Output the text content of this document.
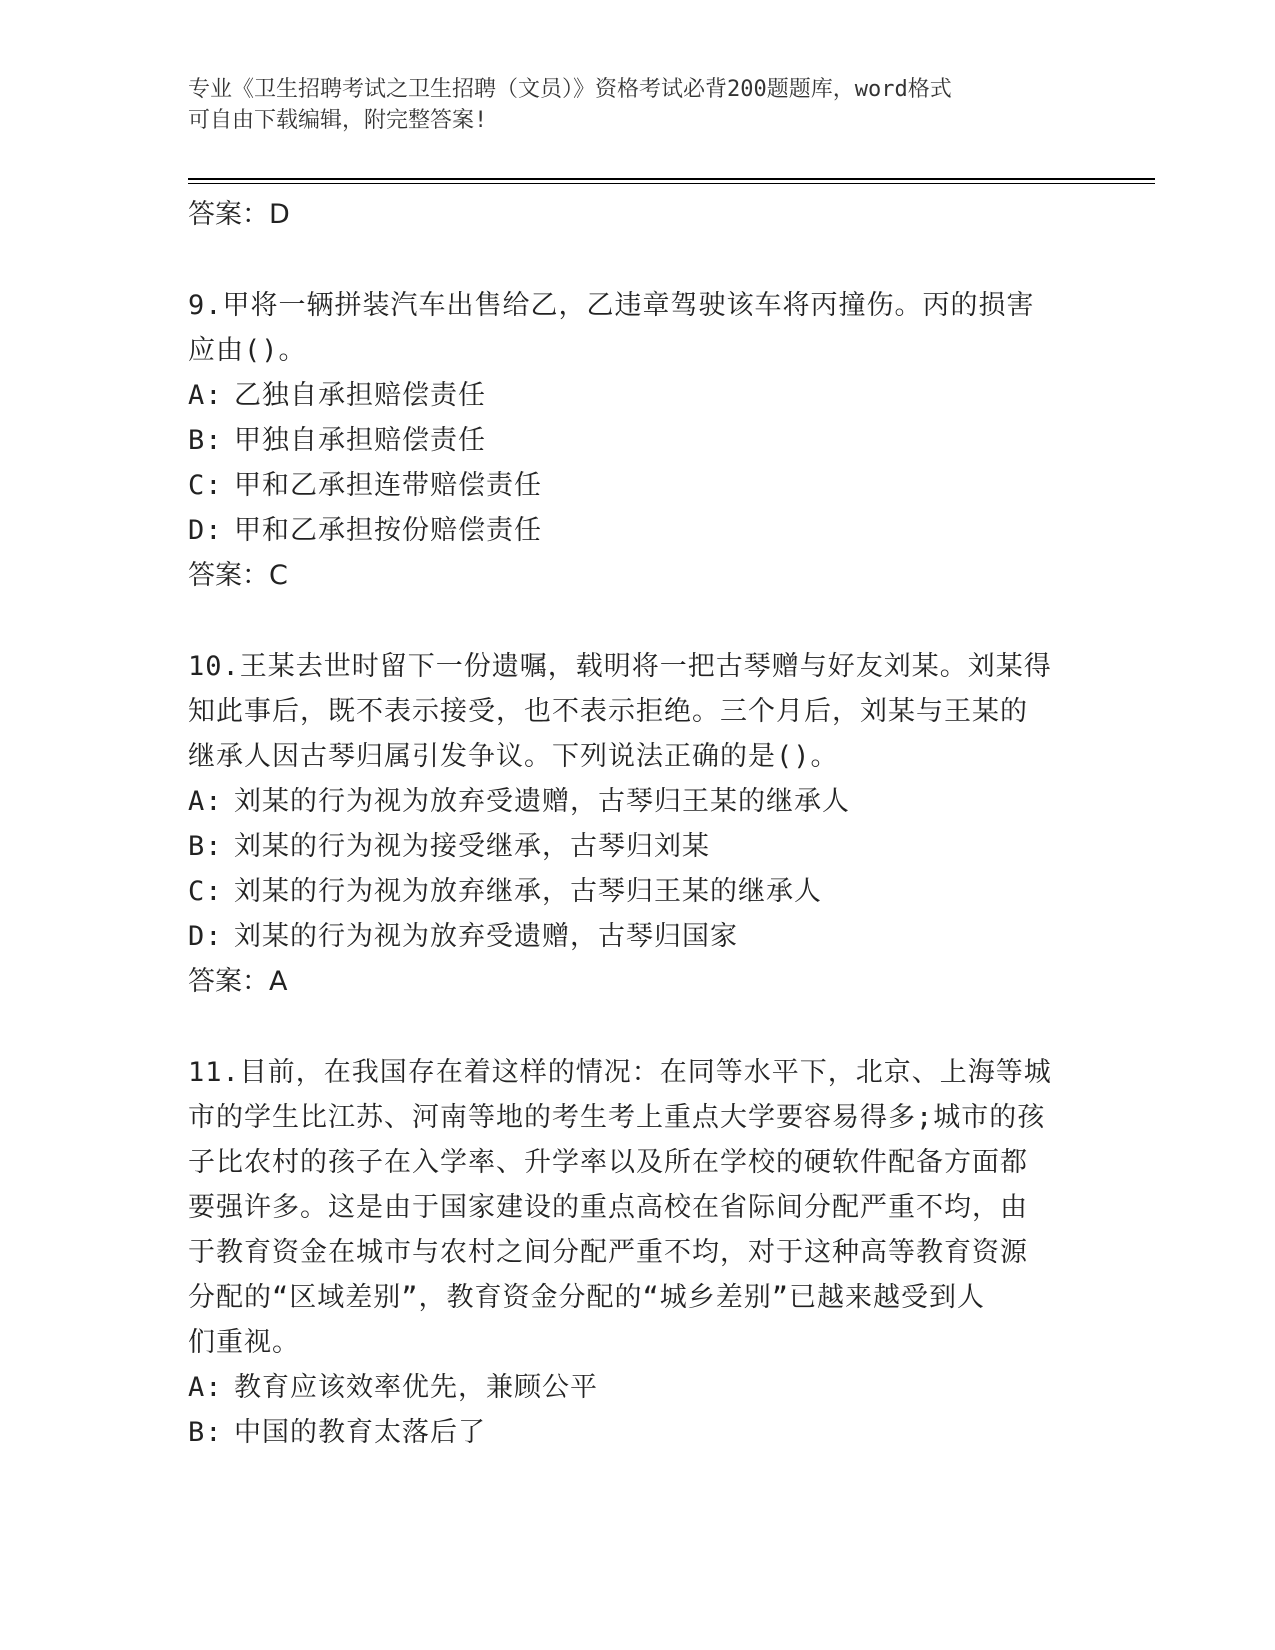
专业《卫生招聘考试之卫生招聘（文员）》资格考试必背200题题库，word格式
可自由下载编辑，附完整答案!
答案：D
9.甲将一辆拼装汽车出售给乙，乙违章驾驶该车将丙撞伤。丙的损害
应由()。
A: 乙独自承担赔偿责任
B: 甲独自承担赔偿责任
C: 甲和乙承担连带赔偿责任
D: 甲和乙承担按份赔偿责任
答案：C
10.王某去世时留下一份遗嘱，载明将一把古琴赠与好友刘某。刘某得
知此事后，既不表示接受，也不表示拒绝。三个月后，刘某与王某的
继承人因古琴归属引发争议。下列说法正确的是()。
A: 刘某的行为视为放弃受遗赠，古琴归王某的继承人
B: 刘某的行为视为接受继承，古琴归刘某
C: 刘某的行为视为放弃继承，古琴归王某的继承人
D: 刘某的行为视为放弃受遗赠，古琴归国家
答案：A
11.目前，在我国存在着这样的情况：在同等水平下，北京、上海等城
市的学生比江苏、河南等地的考生考上重点大学要容易得多;城市的孩
子比农村的孩子在入学率、升学率以及所在学校的硬软件配备方面都
要强许多。这是由于国家建设的重点高校在省际间分配严重不均，由
于教育资金在城市与农村之间分配严重不均，对于这种高等教育资源
分配的“区域差别”，教育资金分配的“城乡差别”已越来越受到人
们重视。
A: 教育应该效率优先，兼顾公平
B: 中国的教育太落后了
